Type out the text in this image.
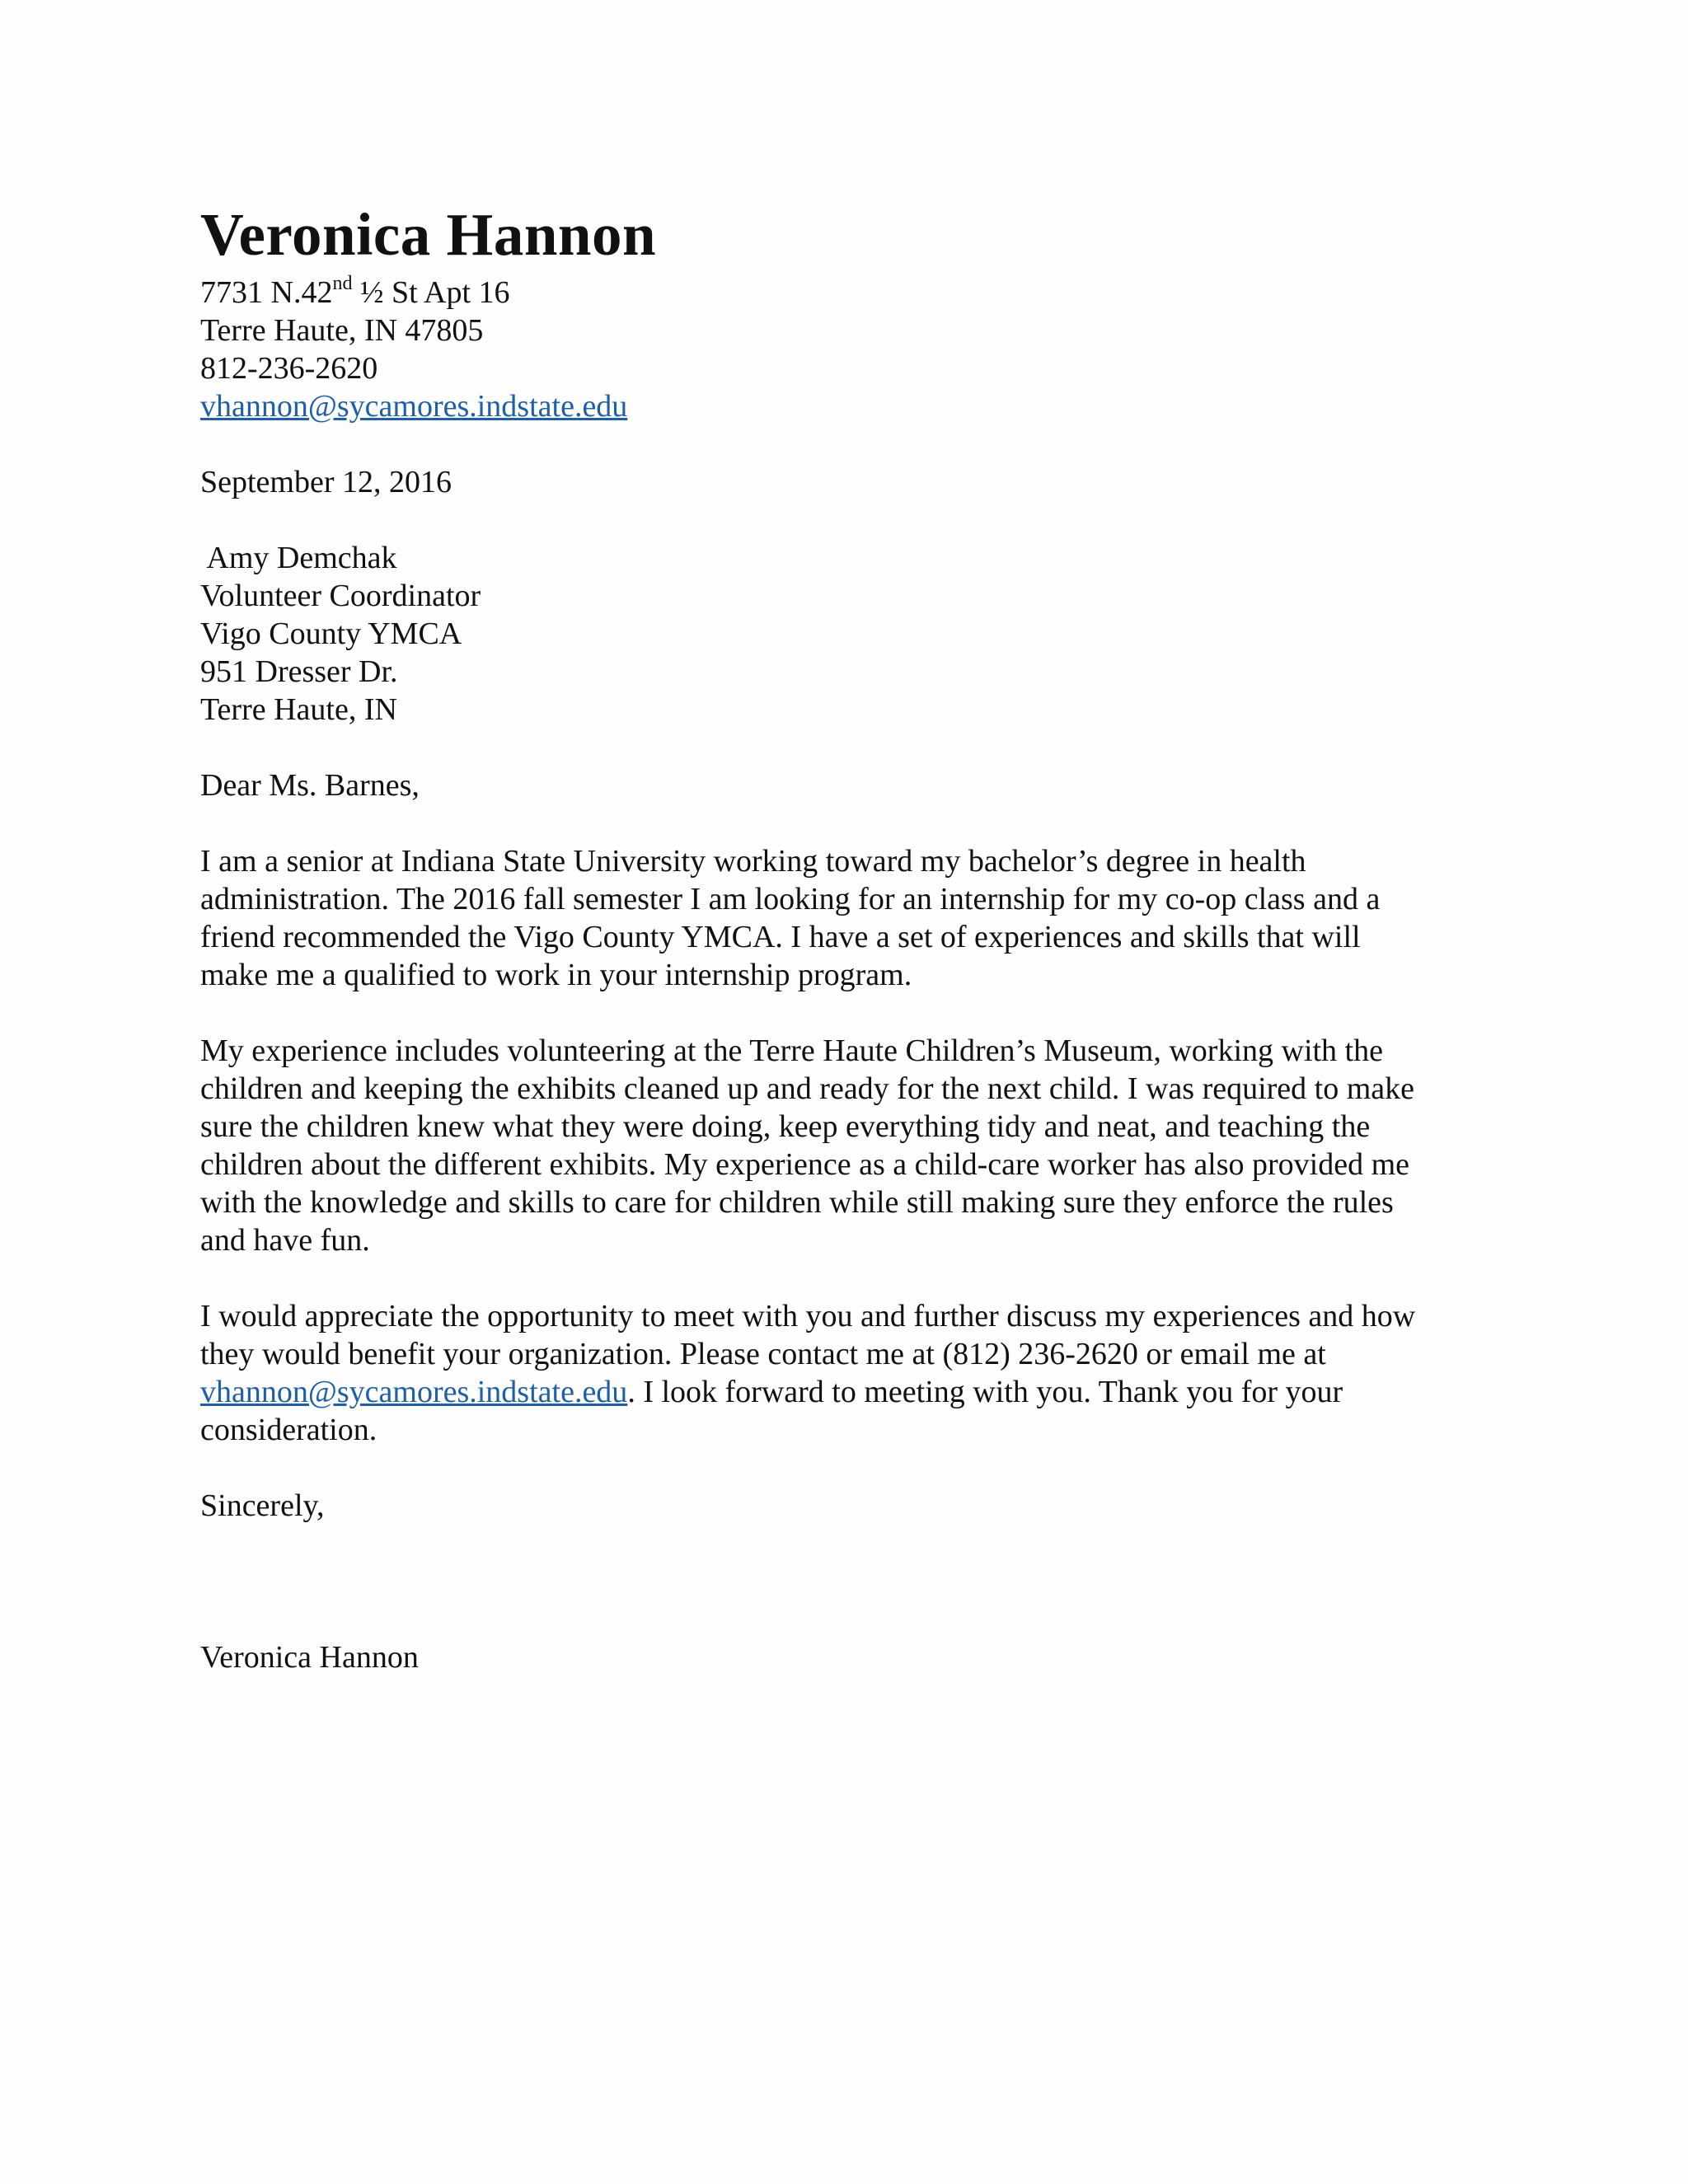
Veronica Hannon
7731 N.42nd ½ St Apt 16
Terre Haute, IN 47805
812-236-2620
vhannon@sycamores.indstate.edu
September 12, 2016
Amy Demchak
Volunteer Coordinator
Vigo County YMCA
951 Dresser Dr.
Terre Haute, IN
Dear Ms. Barnes,
I am a senior at Indiana State University working toward my bachelor’s degree in health
administration. The 2016 fall semester I am looking for an internship for my co-op class and a
friend recommended the Vigo County YMCA. I have a set of experiences and skills that will
make me a qualified to work in your internship program.
My experience includes volunteering at the Terre Haute Children’s Museum, working with the
children and keeping the exhibits cleaned up and ready for the next child. I was required to make
sure the children knew what they were doing, keep everything tidy and neat, and teaching the
children about the different exhibits. My experience as a child-care worker has also provided me
with the knowledge and skills to care for children while still making sure they enforce the rules
and have fun.
I would appreciate the opportunity to meet with you and further discuss my experiences and how
they would benefit your organization. Please contact me at (812) 236-2620 or email me at
vhannon@sycamores.indstate.edu. I look forward to meeting with you. Thank you for your
consideration.
Sincerely,
Veronica Hannon
